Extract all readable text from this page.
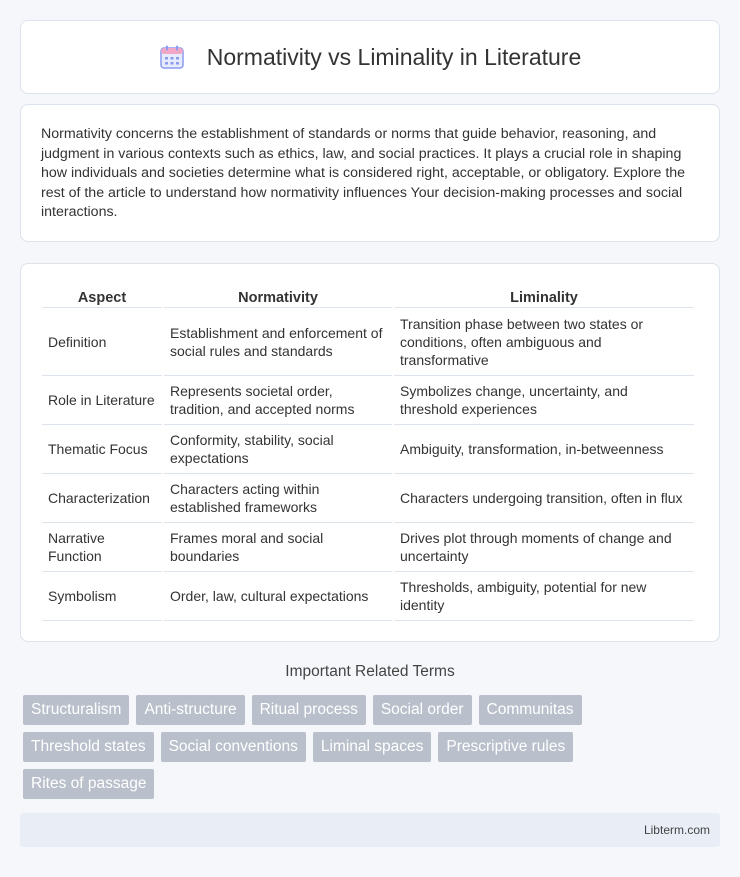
Normativity vs Liminality in Literature

Normativity concerns the establishment of standards or norms that guide behavior, reasoning, and judgment in various contexts such as ethics, law, and social practices. It plays a crucial role in shaping how individuals and societies determine what is considered right, acceptable, or obligatory. Explore the rest of the article to understand how normativity influences Your decision-making processes and social interactions.

Aspect	Normativity	Liminality
Definition	Establishment and enforcement of social rules and standards	Transition phase between two states or conditions, often ambiguous and transformative
Role in Literature	Represents societal order, tradition, and accepted norms	Symbolizes change, uncertainty, and threshold experiences
Thematic Focus	Conformity, stability, social expectations	Ambiguity, transformation, in-betweenness
Characterization	Characters acting within established frameworks	Characters undergoing transition, often in flux
Narrative Function	Frames moral and social boundaries	Drives plot through moments of change and uncertainty
Symbolism	Order, law, cultural expectations	Thresholds, ambiguity, potential for new identity
Important Related Terms
Structuralism	Anti-structure	Ritual process	Social order	Communitas
Threshold states	Social conventions	Liminal spaces	Prescriptive rules
Rites of passage
Libterm.com
